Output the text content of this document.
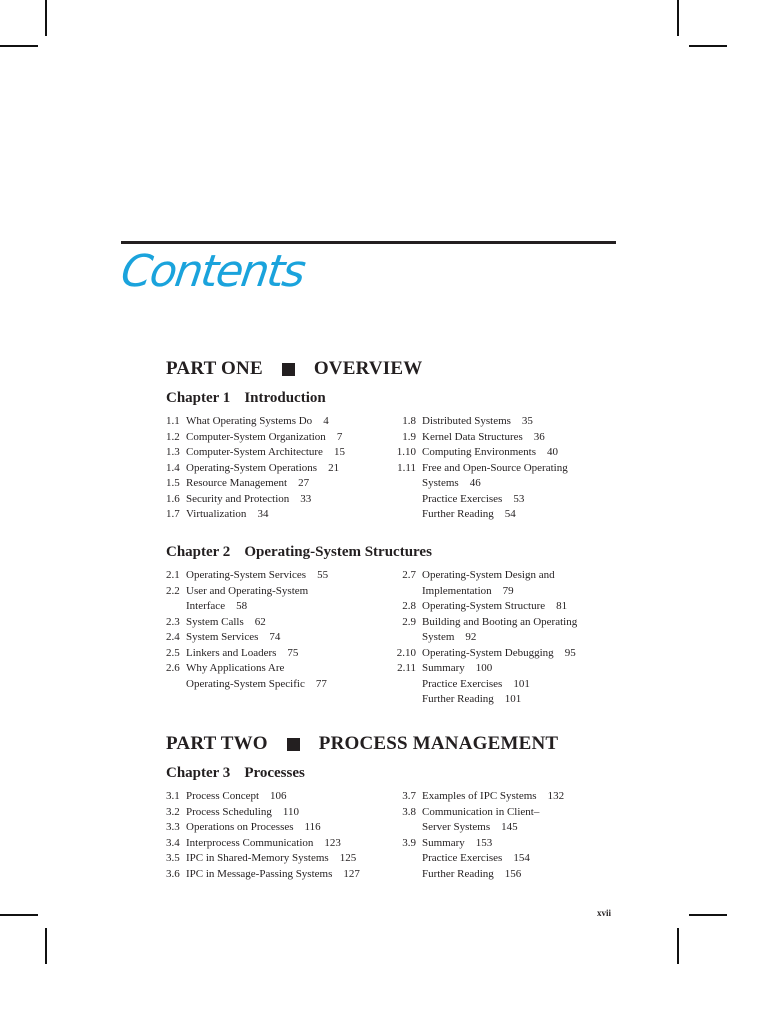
Contents
PART ONE	OVERVIEW
Chapter 1 Introduction
1.1 What Operating Systems Do 4
1.2 Computer-System Organization 7
1.3 Computer-System Architecture 15
1.4 Operating-System Operations 21
1.5 Resource Management 27
1.6 Security and Protection 33
1.7 Virtualization 34
1.8 Distributed Systems 35
1.9 Kernel Data Structures 36
1.10 Computing Environments 40
1.11 Free and Open-Source Operating
Systems 46
Practice Exercises 53
Further Reading 54
Chapter 2 Operating-System Structures
2.1 Operating-System Services 55
2.2 User and Operating-System
Interface 58
2.3 System Calls 62
2.4 System Services 74
2.5 Linkers and Loaders 75
2.6 Why Applications Are
Operating-System Specific 77
2.7 Operating-System Design and
Implementation 79
2.8 Operating-System Structure 81
2.9 Building and Booting an Operating
System 92
2.10 Operating-System Debugging 95
2.11 Summary 100
Practice Exercises 101
Further Reading 101
PART TWO	PROCESS MANAGEMENT
Chapter 3 Processes
3.1 Process Concept 106
3.2 Process Scheduling 110
3.3 Operations on Processes 116
3.4 Interprocess Communication 123
3.5 IPC in Shared-Memory Systems 125
3.6 IPC in Message-Passing Systems 127
3.7 Examples of IPC Systems 132
3.8 Communication in Client–
Server Systems 145
3.9 Summary 153
Practice Exercises 154
Further Reading 156
xvii
